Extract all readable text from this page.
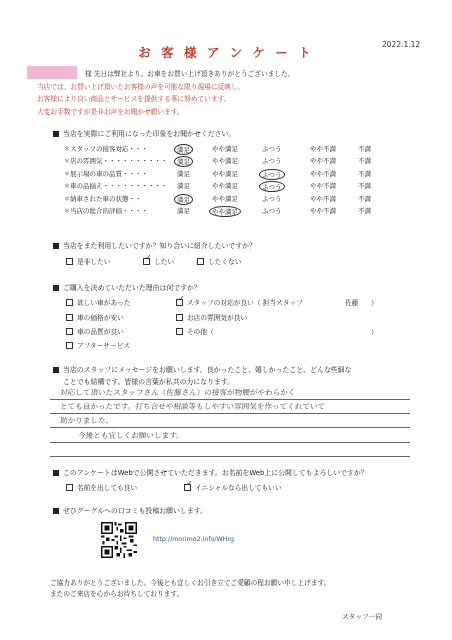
2022.1.12
お 客 様 ア ン ケ ー ト
様 先日は弊社より、お車をお買い上げ頂きありがとうございました。
当店では、お買い上げ頂いたお客様の声を可能な限り現場に反映し、
お客様により良い商品とサービスを提供する事に努めています。
大変お手数ですが是非お声をお聞かせ願います。
当店を実際にご利用になった印象をお聞かせください。
＊ スタッフの接客対応・・・	満足	やや満足	ふつう	やや不満	不満
＊ 店の雰囲気・・・・・・・・・・	満足	やや満足	ふつう	やや不満	不満
＊ 展示場の車の品質・・・・	満足	やや満足	ふつう	やや不満	不満
＊ 車の品揃え・・・・・・・・・・ 満足	やや満足	ふつう	やや不満	不満
＊ 納車された車の状態・・	満足	やや満足	ふつう	やや不満	不満
＊ 当店の総合的評価・・・・	満足	やや満足	ふつう	やや不満	不満
当店をまた利用したいですか？知り合いに紹介したいですか？
是非したい ✓	したい	したくない
ご購入を決めていただいた理由は何ですか？
欲しい車があった ✓	スタッフの対応が良い（ 担当スタッフ	佐藤 ）
車の価格が安い	お店の雰囲気が良い
車の品質が良い	その他（	）
アフターサービス
当店のスタッフにメッセージをお願いします。良かったこと、嬉しかったこと、どんな些細な
ことでも結構です。皆様の言葉が私共の力になります。
対応して頂いたスタッフさん（佐藤さん）の接客が物腰がやわらかく
とても良かったです。打ち合せや相談等もしやすい雰囲気を作ってくれていて
助かりました。
今後とも宜しくお願いします。
このアンケートはWebで公開させていただきます。お名前をWeb上に公開してもよろしいですか？
名前を出しても良い ✓	イニシャルなら出してもいい
ぜひグーグルへの口コミも投稿お願いします。
http://morimo2.info/WHrg
ご協力ありがとうございました。今後とも宜しくお引き立てご愛顧の程お願い申し上げます。
またのご来店を心からお待ちしております。
スタッフ一同
